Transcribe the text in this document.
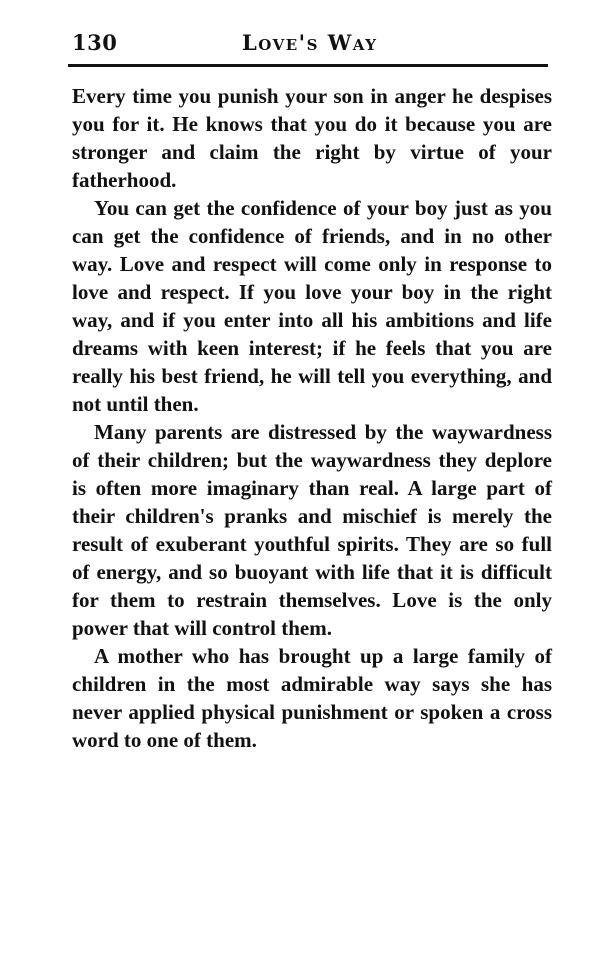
130	Love's Way

Every time you punish your son in anger he despises you for it. He knows that you do it because you are stronger and claim the right by virtue of your fatherhood.

You can get the confidence of your boy just as you can get the confidence of friends, and in no other way. Love and respect will come only in response to love and respect. If you love your boy in the right way, and if you enter into all his ambitions and life dreams with keen interest; if he feels that you are really his best friend, he will tell you everything, and not until then.

Many parents are distressed by the waywardness of their children; but the waywardness they deplore is often more imaginary than real. A large part of their children's pranks and mischief is merely the result of exuberant youthful spirits. They are so full of energy, and so buoyant with life that it is difficult for them to restrain themselves. Love is the only power that will control them.

A mother who has brought up a large family of children in the most admirable way says she has never applied physical punishment or spoken a cross word to one of them.
